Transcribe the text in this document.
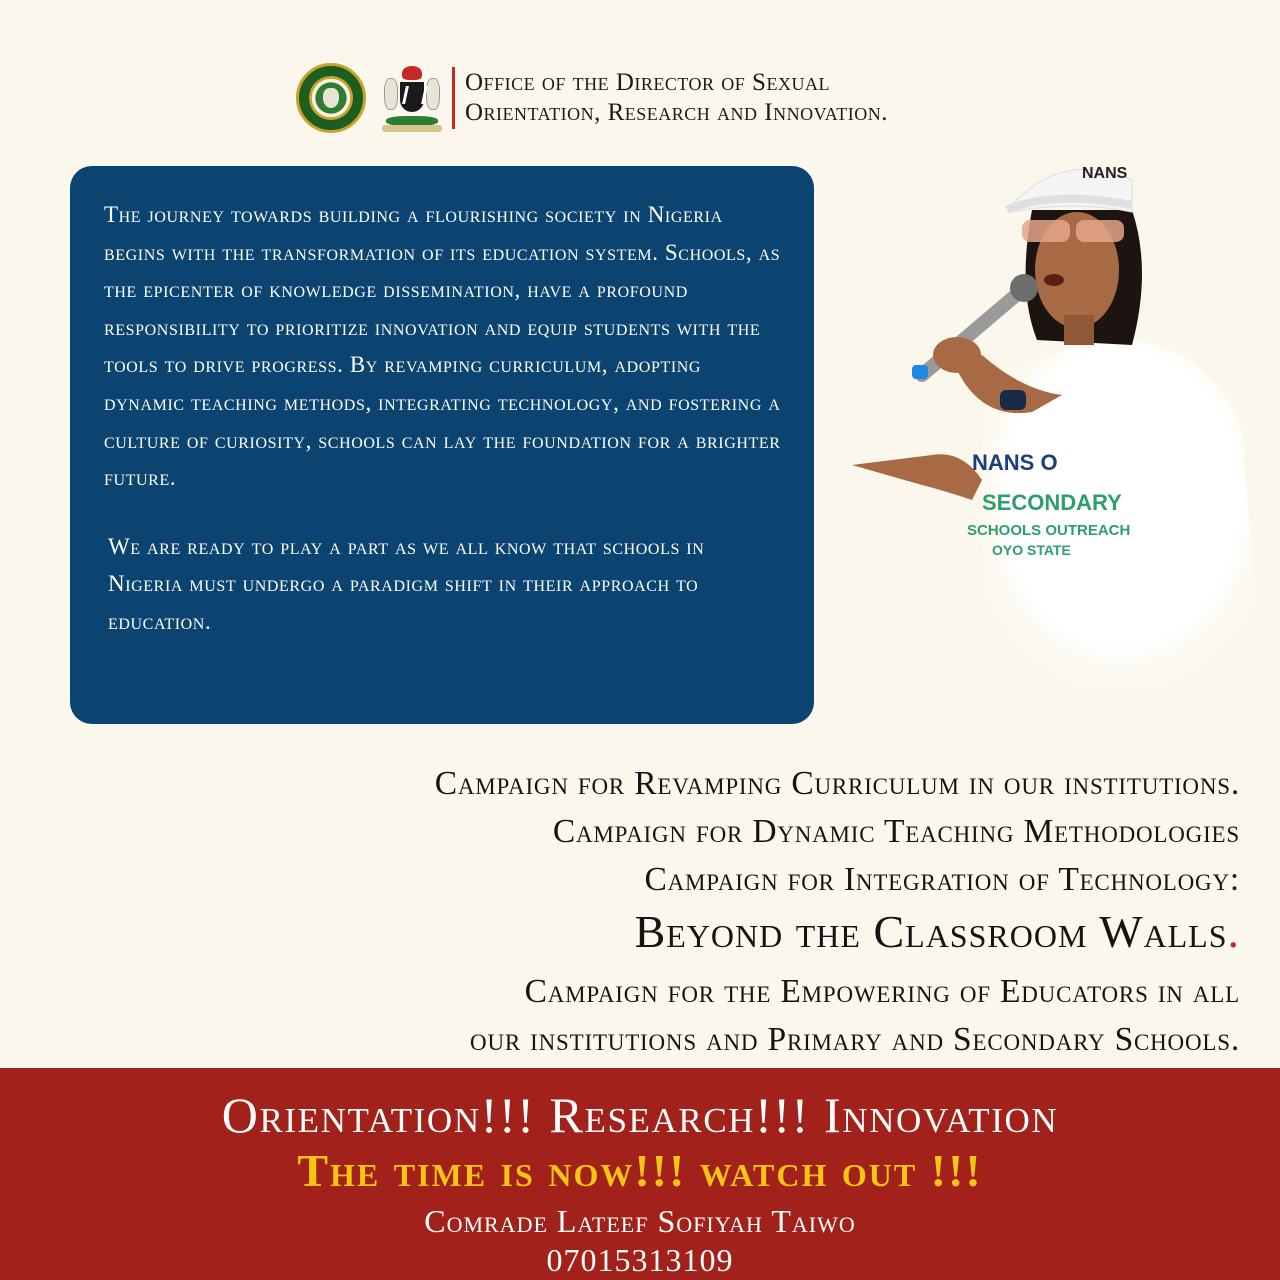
Office of the Director of Sexual
Orientation, Research and Innovation.

The journey towards building a flourishing society in Nigeria begins with the transformation of its education system. Schools, as the epicenter of knowledge dissemination, have a profound responsibility to prioritize innovation and equip students with the tools to drive progress. By revamping curriculum, adopting dynamic teaching methods, integrating technology, and fostering a culture of curiosity, schools can lay the foundation for a brighter future.

We are ready to play a part as we all know that schools in Nigeria must undergo a paradigm shift in their approach to education.

NANS
NANS O
SECONDARY
SCHOOLS OUTREACH
OYO STATE
Campaign for Revamping Curriculum in our institutions.
Campaign for Dynamic Teaching Methodologies
Campaign for Integration of Technology:
Beyond the Classroom Walls.
Campaign for the Empowering of Educators in all
our institutions and Primary and Secondary Schools.
Orientation!!! Research!!! Innovation
The time is now!!! watch out !!!
Comrade Lateef Sofiyah Taiwo
07015313109
